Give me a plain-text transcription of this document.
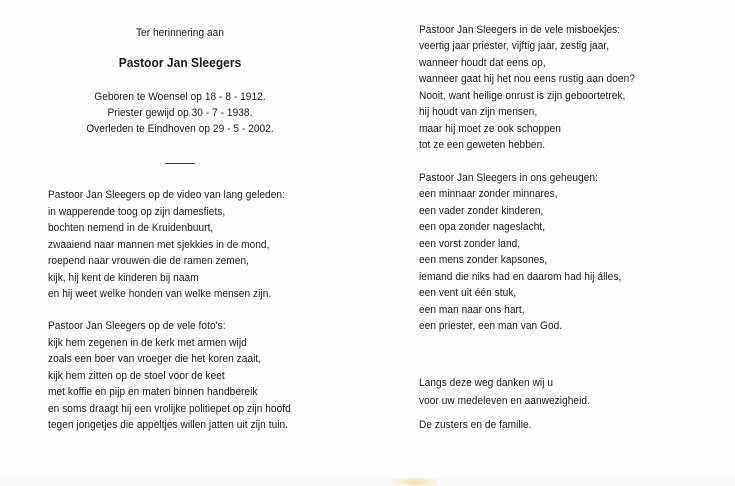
Ter herinnering aan
Pastoor Jan Sleegers
Geboren te Woensel op 18 - 8 - 1912.
Priester gewijd op 30 - 7 - 1938.
Overleden te Eindhoven op 29 - 5 - 2002.
Pastoor Jan Sleegers op de video van lang geleden:
in wapperende toog op zijn damesfiets,
bochten nemend in de Kruidenbuurt,
zwaaiend naar mannen met sjekkies in de mond,
roepend naar vrouwen die de ramen zemen,
kijk, hij kent de kinderen bij naam
en hij weet welke honden van welke mensen zijn.
Pastoor Jan Sleegers op de vele foto's:
kijk hem zegenen in de kerk met armen wijd
zoals een boer van vroeger die het koren zaait,
kijk hem zitten op de stoel voor de keet
met koffie en pijp en maten binnen handbereik
en soms draagt hij een vrolijke politiepet op zijn hoofd
tegen jongetjes die appeltjes willen jatten uit zijn tuin.
Pastoor Jan Sleegers in de vele misboekjes:
veertig jaar priester, vijftig jaar, zestig jaar,
wanneer houdt dat eens op,
wanneer gaat hij het nou eens rustig aan doen?
Nooit, want heilige onrust is zijn geboortetrek,
hij houdt van zijn mensen,
maar hij moet ze ook schoppen
tot ze een geweten hebben.
Pastoor Jan Sleegers in ons geheugen:
een minnaar zonder minnares,
een vader zonder kinderen,
een opa zonder nageslacht,
een vorst zonder land,
een mens zonder kapsones,
iemand die niks had en daarom had hij álles,
een vent uit één stuk,
een man naar ons hart,
een priester, een man van God.
Langs deze weg danken wij u
voor uw medeleven en aanwezigheid.
De zusters en de familie.
